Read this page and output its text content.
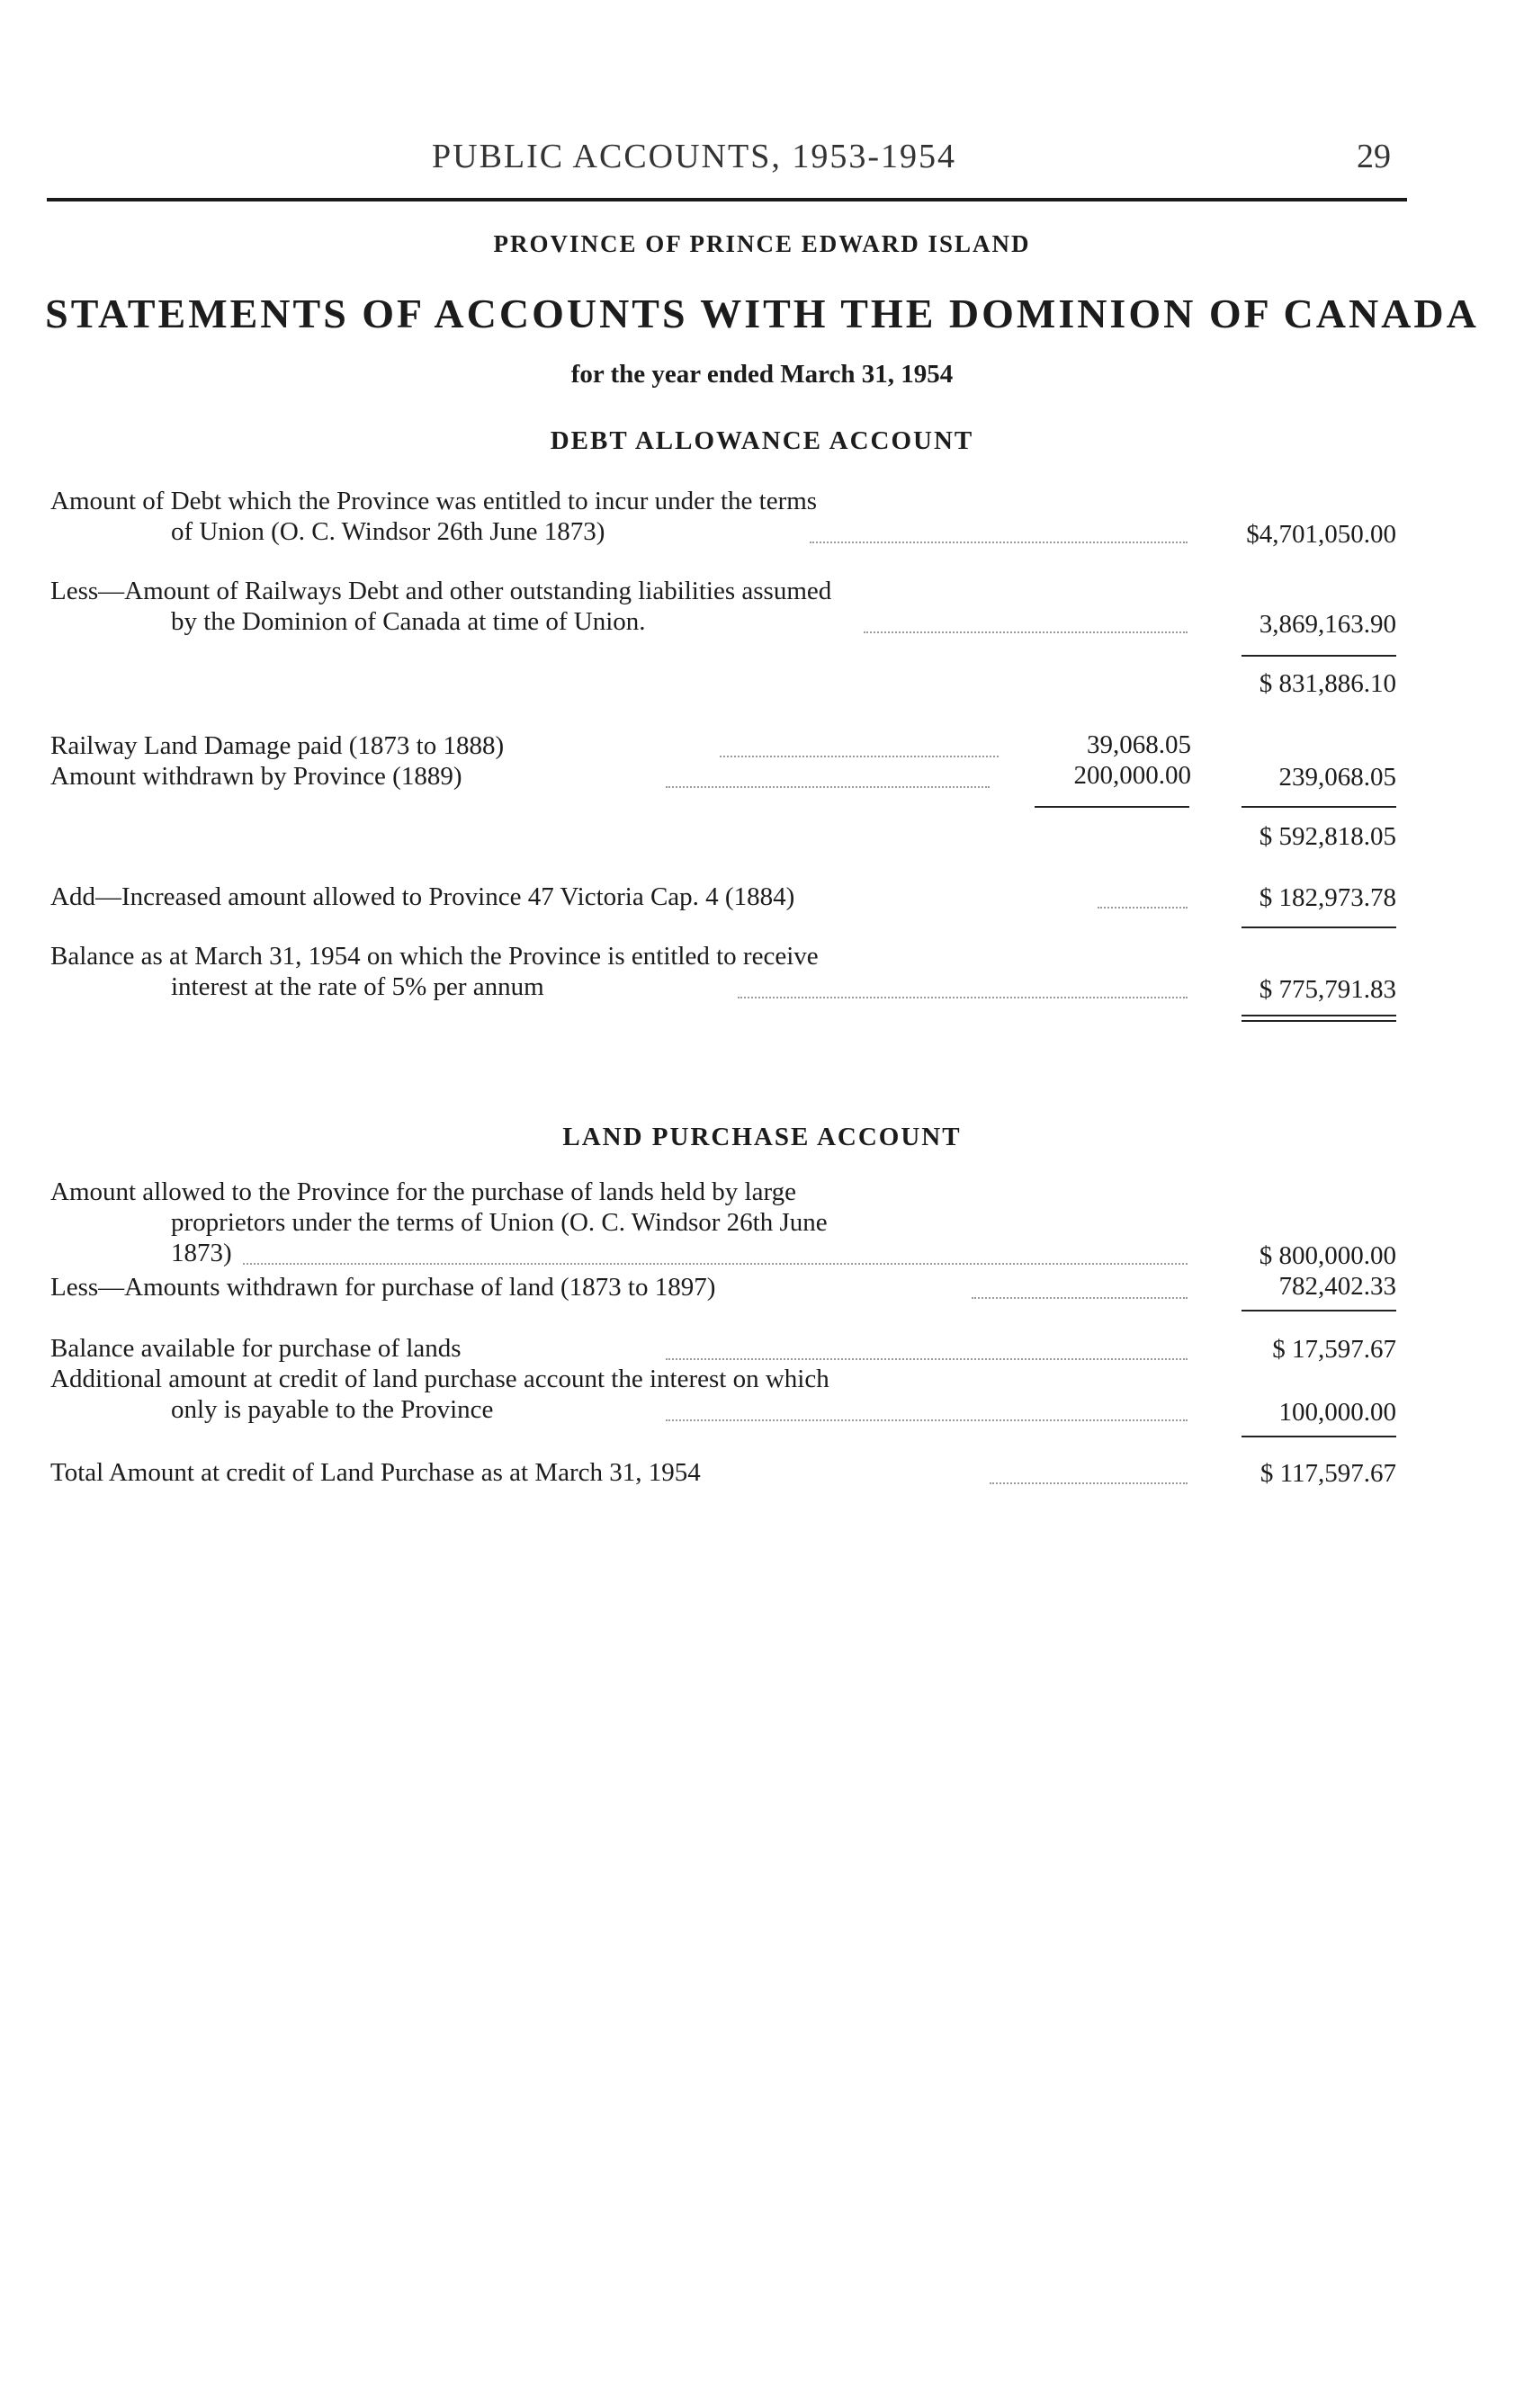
PUBLIC ACCOUNTS, 1953-1954	29
PROVINCE OF PRINCE EDWARD ISLAND
STATEMENTS OF ACCOUNTS WITH THE DOMINION OF CANADA
for the year ended March 31, 1954
DEBT ALLOWANCE ACCOUNT
Amount of Debt which the Province was entitled to incur under the terms
of Union (O. C. Windsor 26th June 1873)	$4,701,050.00
Less—Amount of Railways Debt and other outstanding liabilities assumed
by the Dominion of Canada at time of Union.	3,869,163.90
$ 831,886.10
Railway Land Damage paid (1873 to 1888)	39,068.05
Amount withdrawn by Province (1889)	200,000.00	239,068.05
$ 592,818.05
Add—Increased amount allowed to Province 47 Victoria Cap. 4 (1884)	$ 182,973.78
Balance as at March 31, 1954 on which the Province is entitled to receive
interest at the rate of 5% per annum	$ 775,791.83
LAND PURCHASE ACCOUNT
Amount allowed to the Province for the purchase of lands held by large
proprietors under the terms of Union (O. C. Windsor 26th June
1873)	$ 800,000.00
Less—Amounts withdrawn for purchase of land (1873 to 1897)	782,402.33
Balance available for purchase of lands	$ 17,597.67
Additional amount at credit of land purchase account the interest on which
only is payable to the Province	100,000.00
Total Amount at credit of Land Purchase as at March 31, 1954	$ 117,597.67
